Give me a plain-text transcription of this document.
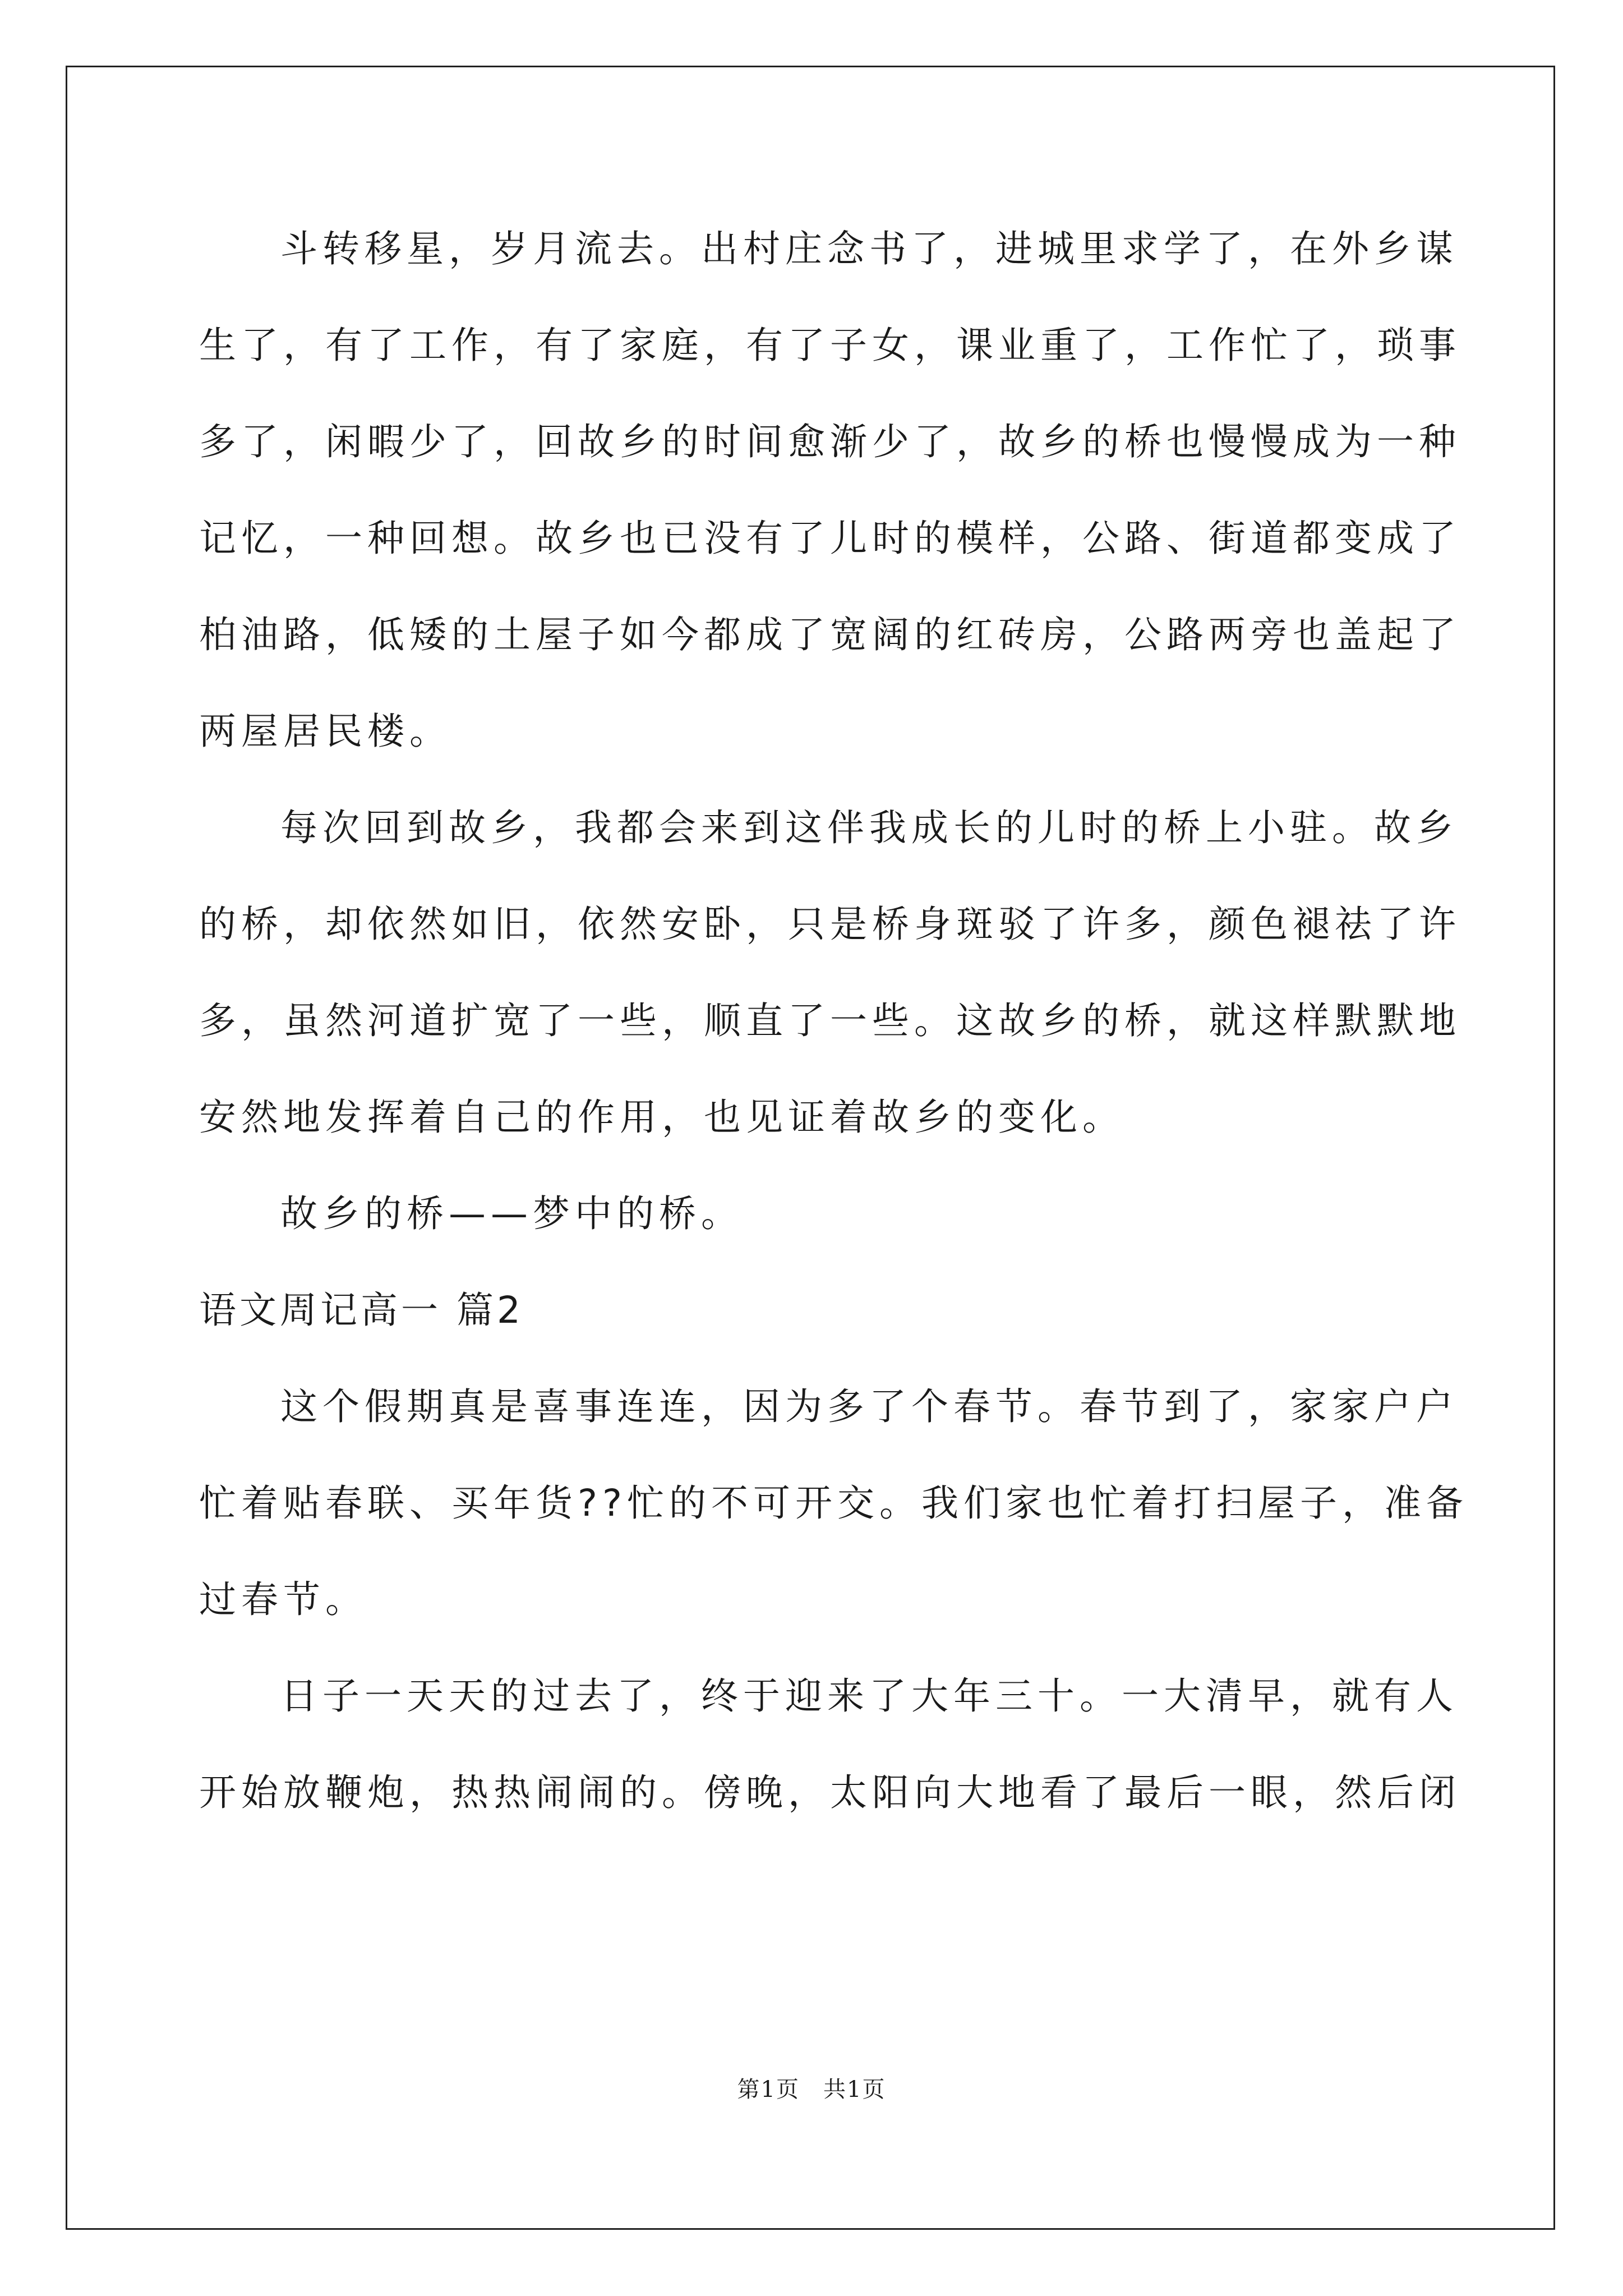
斗转移星，岁月流去。出村庄念书了，进城里求学了，在外乡谋
生了，有了工作，有了家庭，有了子女，课业重了，工作忙了，琐事
多了，闲暇少了，回故乡的时间愈渐少了，故乡的桥也慢慢成为一种
记忆，一种回想。故乡也已没有了儿时的模样，公路、街道都变成了
柏油路，低矮的土屋子如今都成了宽阔的红砖房，公路两旁也盖起了
两屋居民楼。
每次回到故乡，我都会来到这伴我成长的儿时的桥上小驻。故乡
的桥，却依然如旧，依然安卧，只是桥身斑驳了许多，颜色褪祛了许
多，虽然河道扩宽了一些，顺直了一些。这故乡的桥，就这样默默地
安然地发挥着自己的作用，也见证着故乡的变化。
故乡的桥——梦中的桥。
语文周记高一 篇2
这个假期真是喜事连连，因为多了个春节。春节到了，家家户户
忙着贴春联、买年货??忙的不可开交。我们家也忙着打扫屋子，准备
过春节。
日子一天天的过去了，终于迎来了大年三十。一大清早，就有人
开始放鞭炮，热热闹闹的。傍晚，太阳向大地看了最后一眼，然后闭
第1页　共1页
